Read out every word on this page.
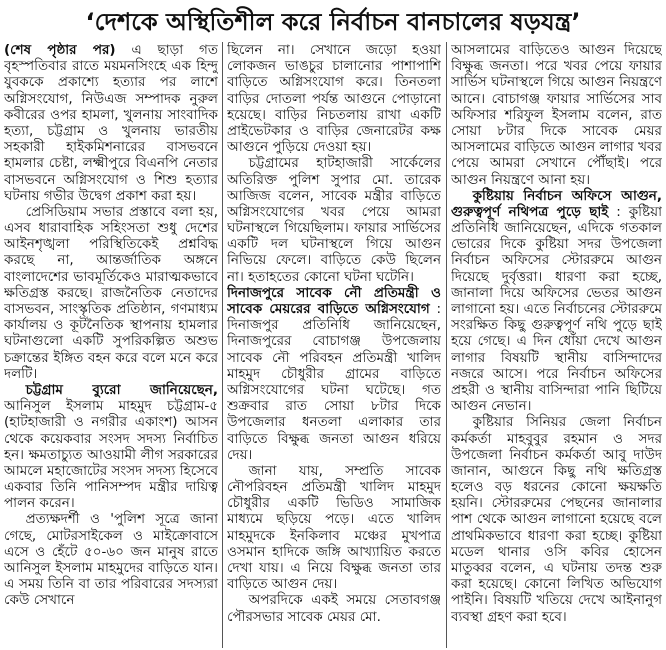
‘দেশকে অস্থিতিশীল করে নির্বাচন বানচালের ষড়যন্ত্র’

(শেষ পৃষ্ঠার পর) এ ছাড়া গত বৃহস্পতিবার রাতে ময়মনসিংহে এক হিন্দু যুবককে প্রকাশ্যে হত্যার পর লাশে অগ্নিসংযোগ, নিউএজ সম্পাদক নুরুল কবীরের ওপর হামলা, খুলনায় সাংবাদিক হত্যা, চট্টগ্রাম ও খুলনায় ভারতীয় সহকারী হাইকমিশনারের বাসভবনে হামলার চেষ্টা, লক্ষ্মীপুরে বিএনপি নেতার বাসভবনে অগ্নিসংযোগ ও শিশু হত্যার ঘটনায় গভীর উদ্বেগ প্রকাশ করা হয়।

প্রেসিডিয়াম সভার প্রস্তাবে বলা হয়, এসব ধারাবাহিক সহিংসতা শুধু দেশের আইনশৃঙ্খলা পরিস্থিতিকেই প্রশ্নবিদ্ধ করছে না, আন্তর্জাতিক অঙ্গনে বাংলাদেশের ভাবমূর্তিকেও মারাত্মকভাবে ক্ষতিগ্রস্ত করছে। রাজনৈতিক নেতাদের বাসভবন, সাংস্কৃতিক প্রতিষ্ঠান, গণমাধ্যম কার্যালয় ও কূটনৈতিক স্থাপনায় হামলার ঘটনাগুলো একটি সুপরিকল্পিত অশুভ চক্রান্তের ইঙ্গিত বহন করে বলে মনে করে দলটি।

চট্টগ্রাম ব্যুরো জানিয়েছেন, আনিসুল ইসলাম মাহমুদ চট্টগ্রাম-৫ (হাটহাজারী ও নগরীর একাংশ) আসন থেকে কয়েকবার সংসদ সদস্য নির্বাচিত হন। ক্ষমতাচ্যুত আওয়ামী লীগ সরকারের আমলে মহাজোটের সংসদ সদস্য হিসেবে একবার তিনি পানিসম্পদ মন্ত্রীর দায়িত্ব পালন করেন।

প্রত্যক্ষদর্শী ও 'পুলিশ সূত্রে জানা গেছে, মোটরসাইকেল ও মাইক্রোবাসে এসে ও হেঁটে ৫০-৬০ জন মানুষ রাতে আনিসুল ইসলাম মাহমুদের বাড়িতে যান। এ সময় তিনি বা তার পরিবারের সদস্যরা কেউ সেখানে

ছিলেন না। সেখানে জড়ো হওয়া লোকজন ভাঙচুর চালানোর পাশাপাশি বাড়িতে অগ্নিসংযোগ করে। তিনতলা বাড়ির দোতলা পর্যন্ত আগুনে পোড়ানো হয়েছে। বাড়ির নিচতলায় রাখা একটি প্রাইভেটকার ও বাড়ির জেনারেটর কক্ষ আগুনে পুড়িয়ে দেওয়া হয়।

চট্টগ্রামের হাটহাজারী সার্কেলের অতিরিক্ত পুলিশ সুপার মো. তারেক আজিজ বলেন, সাবেক মন্ত্রীর বাড়িতে অগ্নিসংযোগের খবর পেয়ে আমরা ঘটনাস্থলে গিয়েছিলাম। ফায়ার সার্ভিসের একটি দল ঘটনাস্থলে গিয়ে আগুন নিভিয়ে ফেলে। বাড়িতে কেউ ছিলেন না। হতাহতের কোনো ঘটনা ঘটেনি।

দিনাজপুরে সাবেক নৌ প্রতিমন্ত্রী ও সাবেক মেয়রের বাড়িতে অগ্নিসংযোগ : দিনাজপুর প্রতিনিধি জানিয়েছেন, দিনাজপুরের বোচাগঞ্জ উপজেলায় সাবেক নৌ পরিবহন প্রতিমন্ত্রী খালিদ মাহমুদ চৌধুরীর গ্রামের বাড়িতে অগ্নিসংযোগের ঘটনা ঘটেছে। গত শুক্রবার রাত সোয়া ৮টার দিকে উপজেলার ধনতলা এলাকার তার বাড়িতে বিক্ষুব্ধ জনতা আগুন ধরিয়ে দেয়।

জানা যায়, সম্প্রতি সাবেক নৌপরিবহন প্রতিমন্ত্রী খালিদ মাহমুদ চৌধুরীর একটি ভিডিও সামাজিক মাধ্যমে ছড়িয়ে পড়ে। এতে খালিদ মাহমুদকে ইনকিলাব মঞ্চের মুখপাত্র ওসমান হাদিকে জঙ্গি আখ্যায়িত করতে দেখা যায়। এ নিয়ে বিক্ষুব্ধ জনতা তার বাড়িতে আগুন দেয়।

অপরদিকে একই সময়ে সেতাবগঞ্জ পৌরসভার সাবেক মেয়র মো.

আসলামের বাড়িতেও আগুন দিয়েছে বিক্ষুব্ধ জনতা। পরে খবর পেয়ে ফায়ার সার্ভিস ঘটনাস্থলে গিয়ে আগুন নিয়ন্ত্রণে আনে। বোচাগঞ্জ ফায়ার সার্ভিসের সাব অফিসার শরিফুল ইসলাম বলেন, রাত সোয়া ৮টার দিকে সাবেক মেয়র আসলামের বাড়িতে আগুন লাগার খবর পেয়ে আমরা সেখানে পৌঁছাই। পরে আগুন নিয়ন্ত্রণে আনা হয়।

কুষ্টিয়ায় নির্বাচন অফিসে আগুন, গুরুত্বপূর্ণ নথিপত্র পুড়ে ছাই : কুষ্টিয়া প্রতিনিধি জানিয়েছেন, এদিকে গতকাল ভোরের দিকে কুষ্টিয়া সদর উপজেলা নির্বাচন অফিসের স্টোররুমে আগুন দিয়েছে দুর্বৃত্তরা। ধারণা করা হচ্ছে, জানালা দিয়ে অফিসের ভেতর আগুন লাগানো হয়। এতে নির্বাচনের স্টোররুমে সংরক্ষিত কিছু গুরুত্বপূর্ণ নথি পুড়ে ছাই হয়ে গেছে। এ দিন ধোঁয়া দেখে আগুন লাগার বিষয়টি স্থানীয় বাসিন্দাদের নজরে আসে। পরে নির্বাচন অফিসের প্রহরী ও স্থানীয় বাসিন্দারা পানি ছিটিয়ে আগুন নেভান।

কুষ্টিয়ার সিনিয়র জেলা নির্বাচন কর্মকর্তা মাহবুবুর রহমান ও সদর উপজেলা নির্বাচন কর্মকর্তা আবু দাউদ জানান, আগুনে কিছু নথি ক্ষতিগ্রস্ত হলেও বড় ধরনের কোনো ক্ষয়ক্ষতি হয়নি। স্টোররুমের পেছনের জানালার পাশ থেকে আগুন লাগানো হয়েছে বলে প্রাথমিকভাবে ধারণা করা হচ্ছে। কুষ্টিয়া মডেল থানার ওসি কবির হোসেন মাতুব্বর বলেন, এ ঘটনায় তদন্ত শুরু করা হয়েছে। কোনো লিখিত অভিযোগ পাইনি। বিষয়টি খতিয়ে দেখে আইনানুগ ব্যবস্থা গ্রহণ করা হবে।
